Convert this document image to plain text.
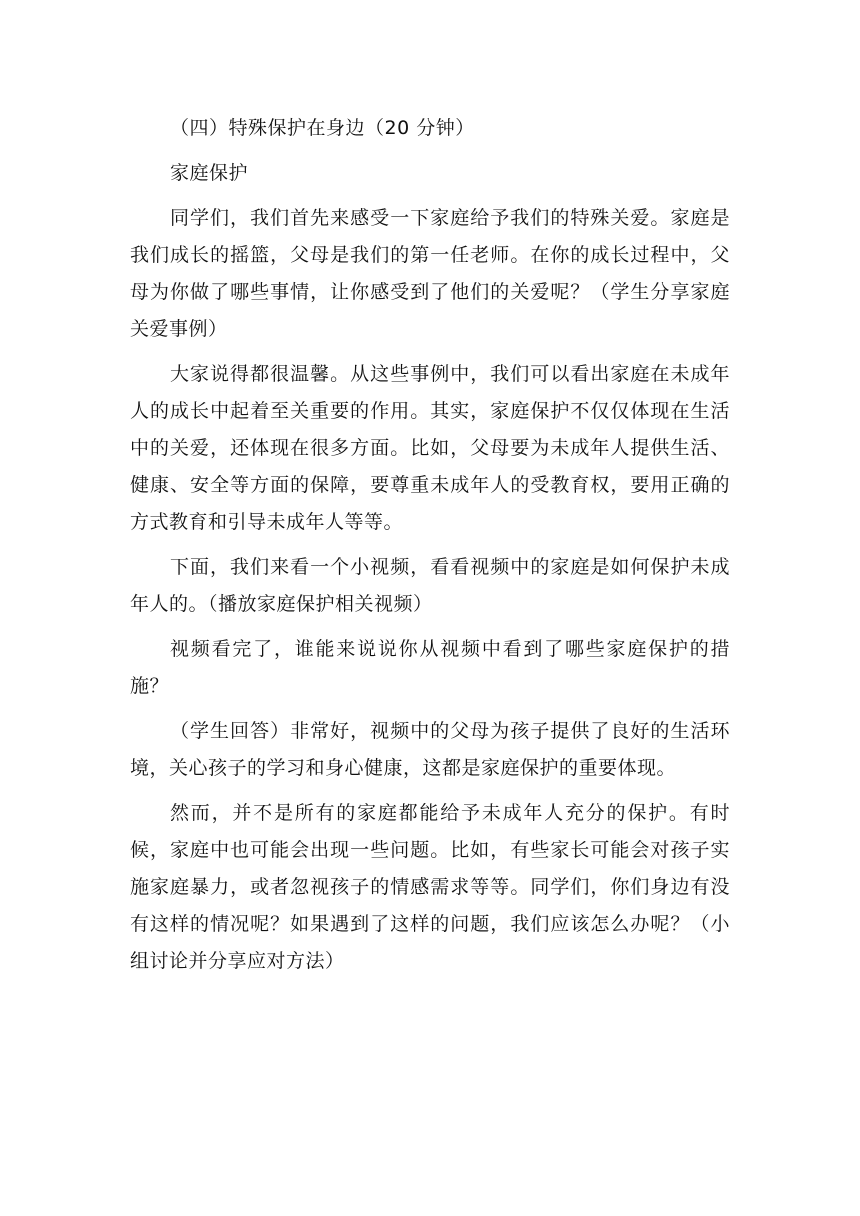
（四）特殊保护在身边（20 分钟）

家庭保护

同学们，我们首先来感受一下家庭给予我们的特殊关爱。家庭是我们成长的摇篮，父母是我们的第一任老师。在你的成长过程中，父母为你做了哪些事情，让你感受到了他们的关爱呢？（学生分享家庭关爱事例）

大家说得都很温馨。从这些事例中，我们可以看出家庭在未成年人的成长中起着至关重要的作用。其实，家庭保护不仅仅体现在生活中的关爱，还体现在很多方面。比如，父母要为未成年人提供生活、健康、安全等方面的保障，要尊重未成年人的受教育权，要用正确的方式教育和引导未成年人等等。

下面，我们来看一个小视频，看看视频中的家庭是如何保护未成年人的。（播放家庭保护相关视频）

视频看完了，谁能来说说你从视频中看到了哪些家庭保护的措施？

（学生回答）非常好，视频中的父母为孩子提供了良好的生活环境，关心孩子的学习和身心健康，这都是家庭保护的重要体现。

然而，并不是所有的家庭都能给予未成年人充分的保护。有时候，家庭中也可能会出现一些问题。比如，有些家长可能会对孩子实施家庭暴力，或者忽视孩子的情感需求等等。同学们，你们身边有没有这样的情况呢？如果遇到了这样的问题，我们应该怎么办呢？（小组讨论并分享应对方法）
